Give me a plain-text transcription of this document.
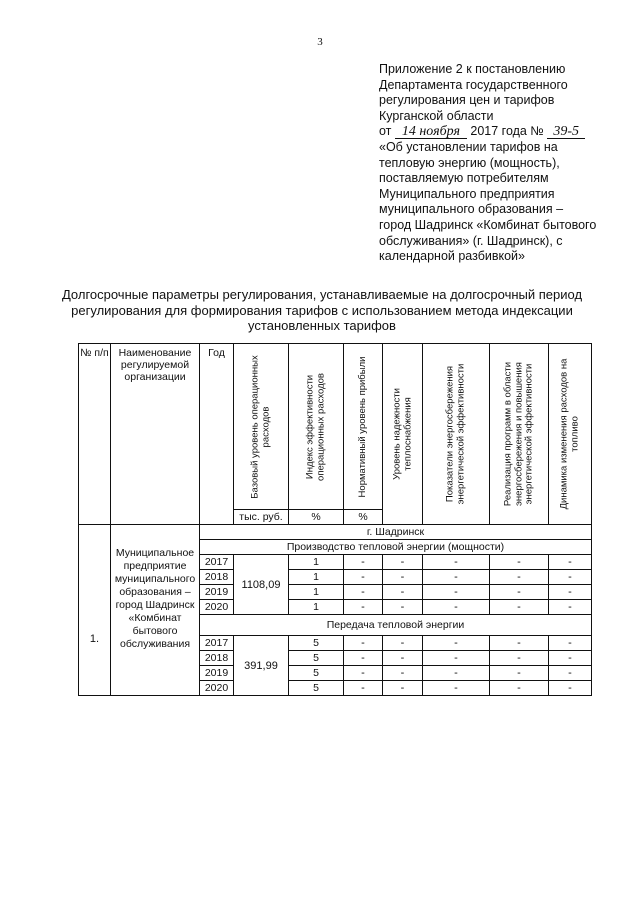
3
Приложение 2 к постановлению
Департамента государственного
регулирования цен и тарифов
Курганской области
от 14 ноября 2017 года № 39-5
«Об установлении тарифов на
тепловую энергию (мощность),
поставляемую потребителям
Муниципального предприятия
муниципального образования –
город Шадринск «Комбинат бытового
обслуживания» (г. Шадринск), с
календарной разбивкой»
Долгосрочные параметры регулирования, устанавливаемые на долгосрочный период
регулирования для формирования тарифов с использованием метода индексации
установленных тарифов
№ п/п	Наименование регулируемой организации	Год	Базовый уровень операционных расходов	Индекс эффективности операционных расходов	Нормативный уровень прибыли	Уровень надежности теплоснабжения	Показатели энергосбережения энергетической эффективности	Реализация программ в области энергосбережения и повышения энергетической эффективности	Динамика изменения расходов на топливо

			тыс. руб.	%	%				
1.	Муниципальное предприятие муниципального образования – город Шадринск «Комбинат бытового обслуживания	г. Шадринск							
		Производство тепловой энергии (мощности)							
		2017	1108,09	1	-	-	-	-	-
		2018		1	-	-	-	-	-
		2019		1	-	-	-	-	-
		2020		1	-	-	-	-	-
		Передача тепловой энергии							
		2017	391,99	5	-	-	-	-	-
		2018		5	-	-	-	-	-
		2019		5	-	-	-	-	-
		2020		5	-	-	-	-	-
